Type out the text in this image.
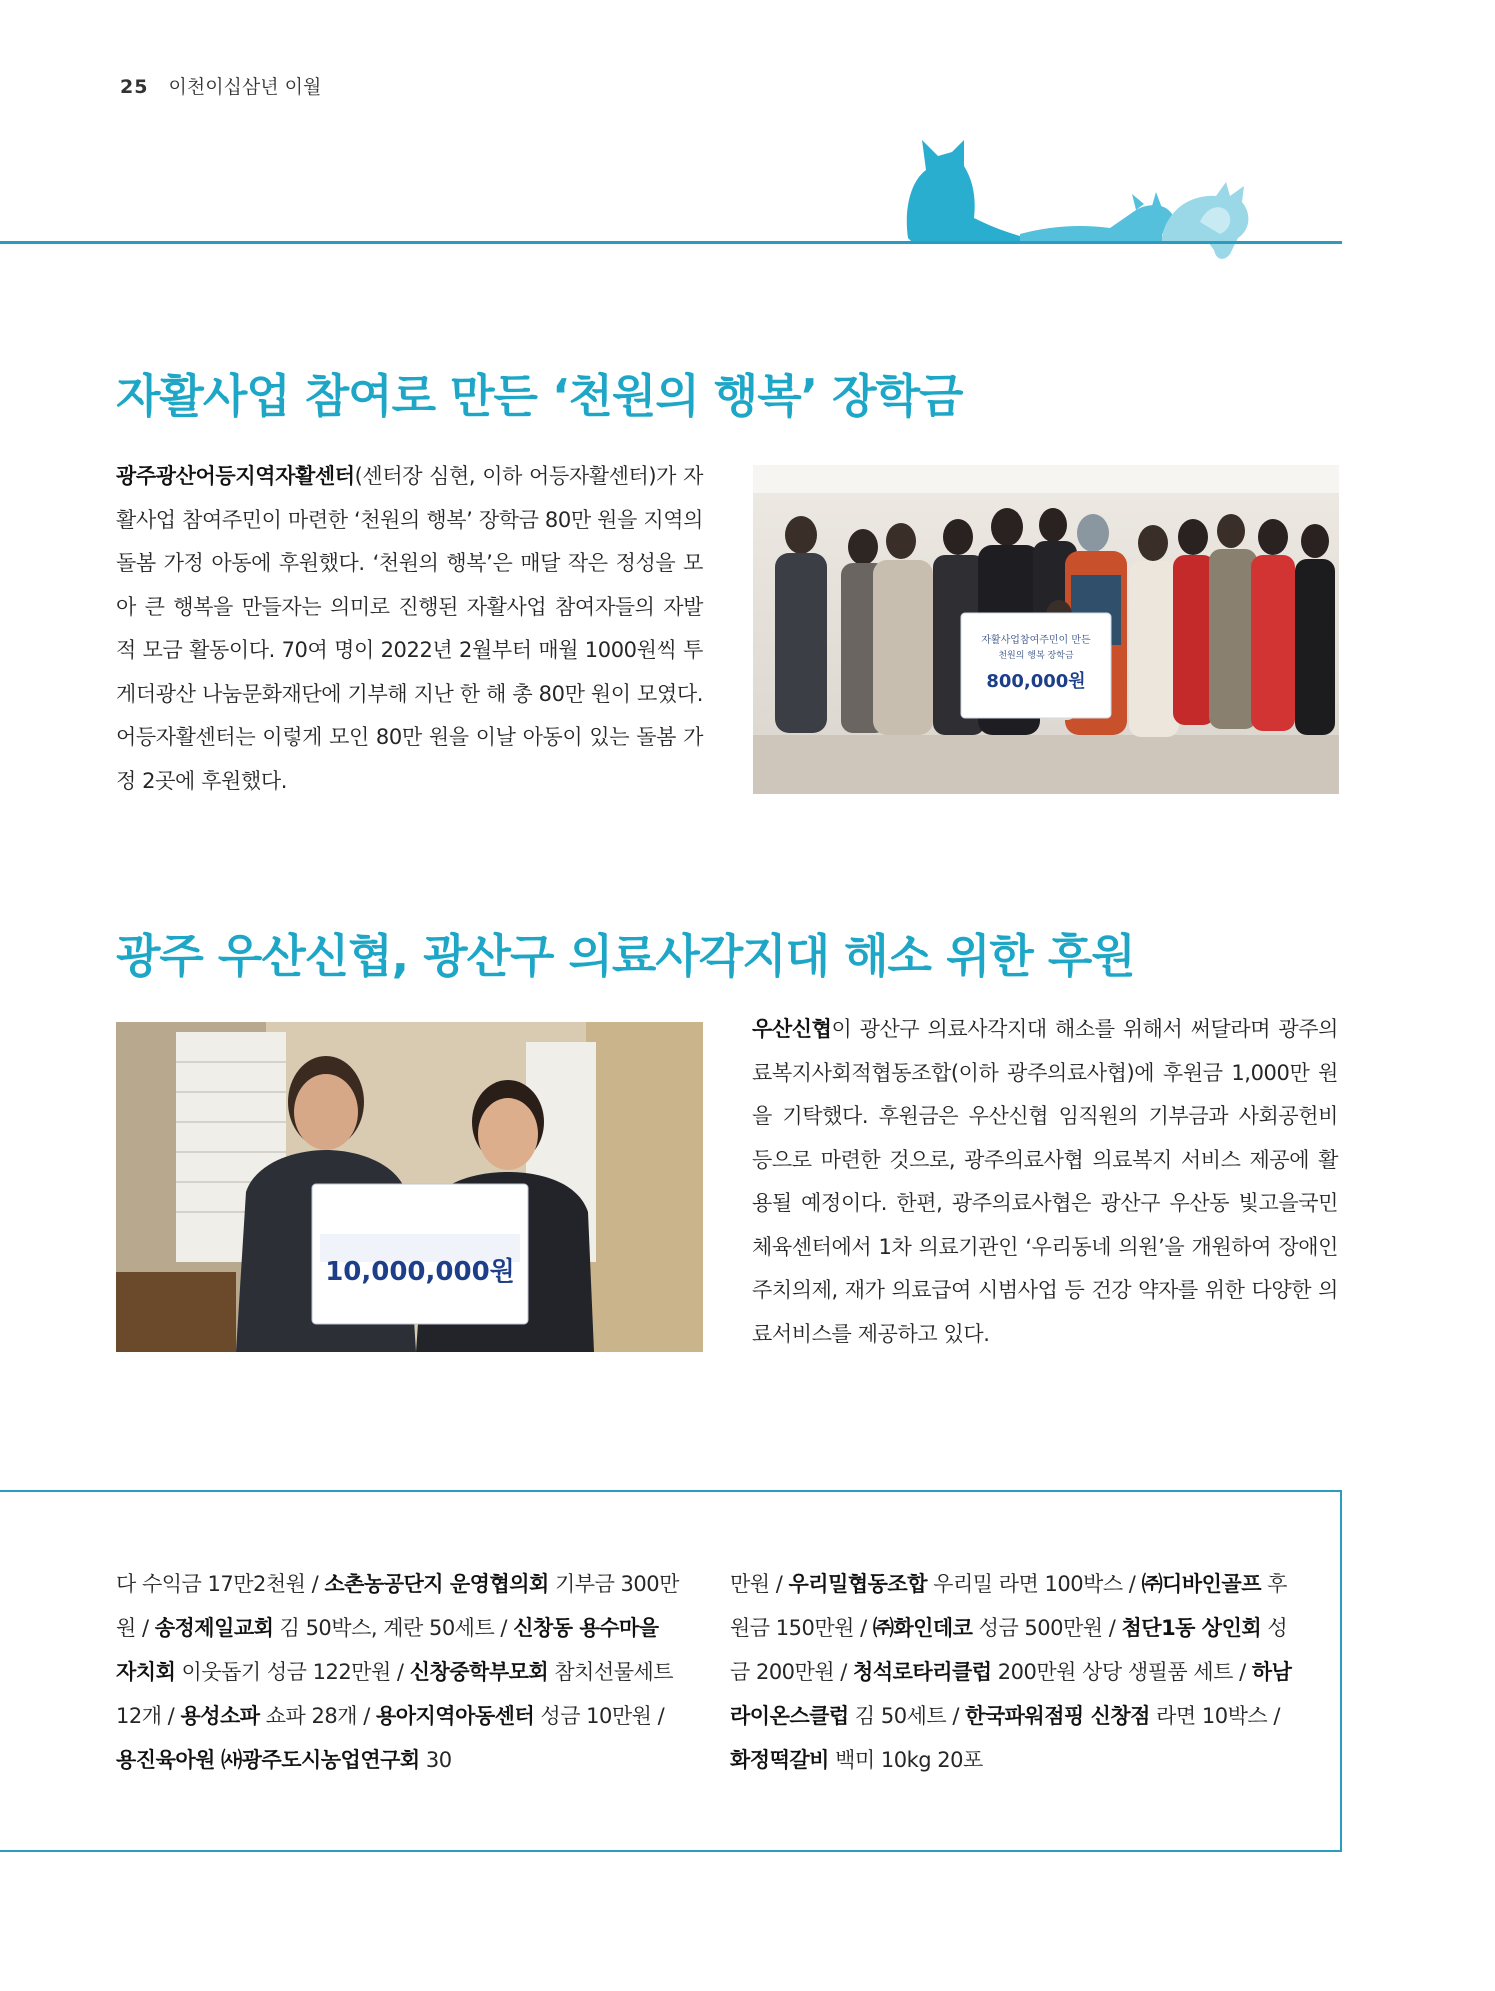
25 이천이십삼년 이월
자활사업 참여로 만든 ‘천원의 행복’ 장학금

광주광산어등지역자활센터(센터장 심현, 이하 어등자활센터)가 자활사업 참여주민이 마련한 ‘천원의 행복’ 장학금 80만 원을 지역의 돌봄 가정 아동에 후원했다. ‘천원의 행복’은 매달 작은 정성을 모아 큰 행복을 만들자는 의미로 진행된 자활사업 참여자들의 자발적 모금 활동이다. 70여 명이 2022년 2월부터 매월 1000원씩 투게더광산 나눔문화재단에 기부해 지난 한 해 총 80만 원이 모였다. 어등자활센터는 이렇게 모인 80만 원을 이날 아동이 있는 돌봄 가정 2곳에 후원했다.

자활사업참여주민이 만든
천원의 행복 장학금
800,000원
광주 우산신협, 광산구 의료사각지대 해소 위한 후원
10,000,000원

우산신협이 광산구 의료사각지대 해소를 위해서 써달라며 광주의료복지사회적협동조합(이하 광주의료사협)에 후원금 1,000만 원을 기탁했다. 후원금은 우산신협 임직원의 기부금과 사회공헌비 등으로 마련한 것으로, 광주의료사협 의료복지 서비스 제공에 활용될 예정이다. 한편, 광주의료사협은 광산구 우산동 빛고을국민체육센터에서 1차 의료기관인 ‘우리동네 의원’을 개원하여 장애인 주치의제, 재가 의료급여 시범사업 등 건강 약자를 위한 다양한 의료서비스를 제공하고 있다.

다 수익금 17만2천원 / 소촌농공단지 운영협의회 기부금 300만원 / 송정제일교회 김 50박스, 계란 50세트 / 신창동 용수마을 자치회 이웃돕기 성금 122만원 / 신창중학부모회 참치선물세트 12개 / 용성소파 쇼파 28개 / 용아지역아동센터 성금 10만원 / 용진육아원 ㈔광주도시농업연구회 30

만원 / 우리밀협동조합 우리밀 라면 100박스 / ㈜디바인골프 후원금 150만원 / ㈜화인데코 성금 500만원 / 첨단1동 상인회 성금 200만원 / 청석로타리클럽 200만원 상당 생필품 세트 / 하남라이온스클럽 김 50세트 / 한국파워점핑 신창점 라면 10박스 / 화정떡갈비 백미 10kg 20포
